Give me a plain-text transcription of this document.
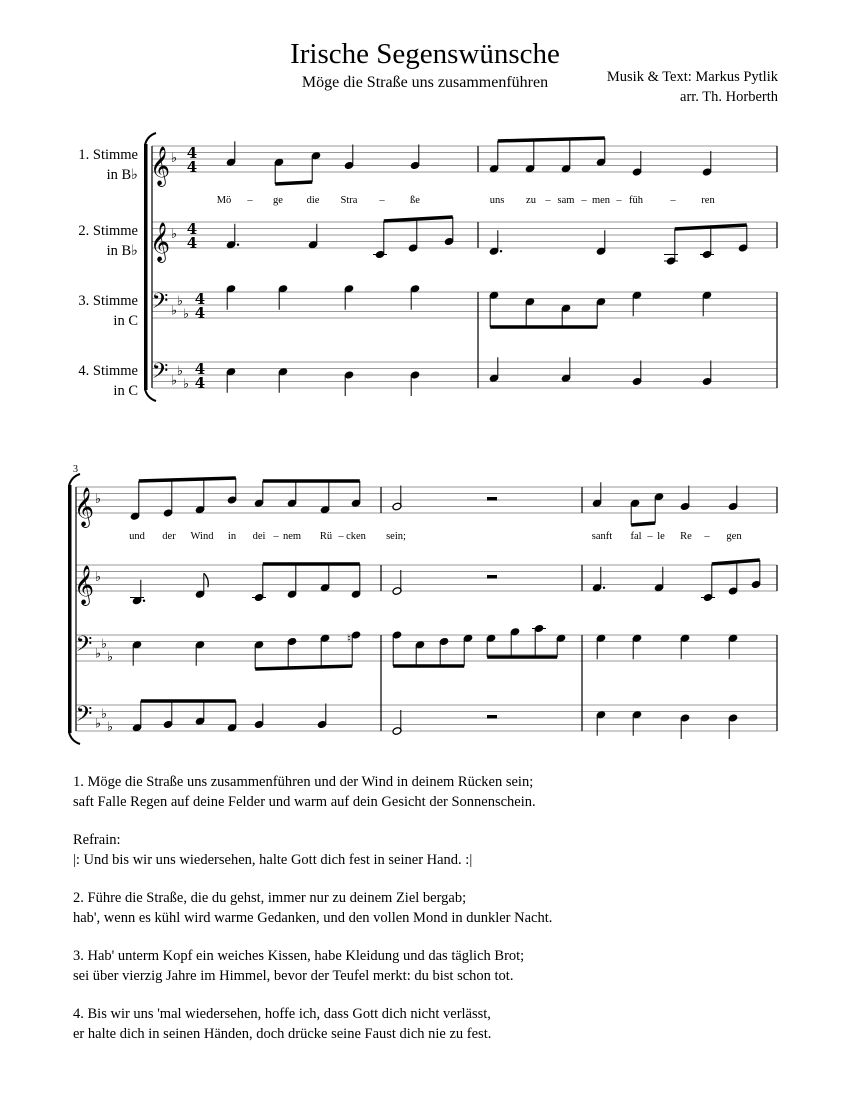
Irische Segenswünsche
Möge die Straße uns zusammenführen	Musik & Text: Markus Pytlik
arr. Th. Horberth
1. Stimme
in B♭
2. Stimme
in B♭
3. Stimme
in C
4. Stimme
in C
𝄞 ♭ 4
4
𝄞 ♭ 4
4
𝄢 ♭
♭
♭
4
4
𝄢 ♭
♭
♭
4
4
Mö – ge die Stra – ße	uns zu – sam – men – füh	– ren
𝄞 ♭
𝄞 ♭
𝄢 ♭
♭
♭
𝄢 ♭
♭
♭
und der Wind in dei – nem Rü – cken sein;	sanft fal – le Re – gen
♮
3

1. Möge die Straße uns zusammenführen und der Wind in deinem Rücken sein;
saft Falle Regen auf deine Felder und warm auf dein Gesicht der Sonnenschein.

Refrain:
|: Und bis wir uns wiedersehen, halte Gott dich fest in seiner Hand. :|

2. Führe die Straße, die du gehst, immer nur zu deinem Ziel bergab;
hab', wenn es kühl wird warme Gedanken, und den vollen Mond in dunkler Nacht.

3. Hab' unterm Kopf ein weiches Kissen, habe Kleidung und das täglich Brot;
sei über vierzig Jahre im Himmel, bevor der Teufel merkt: du bist schon tot.

4. Bis wir uns 'mal wiedersehen, hoffe ich, dass Gott dich nicht verlässt,
er halte dich in seinen Händen, doch drücke seine Faust dich nie zu fest.
